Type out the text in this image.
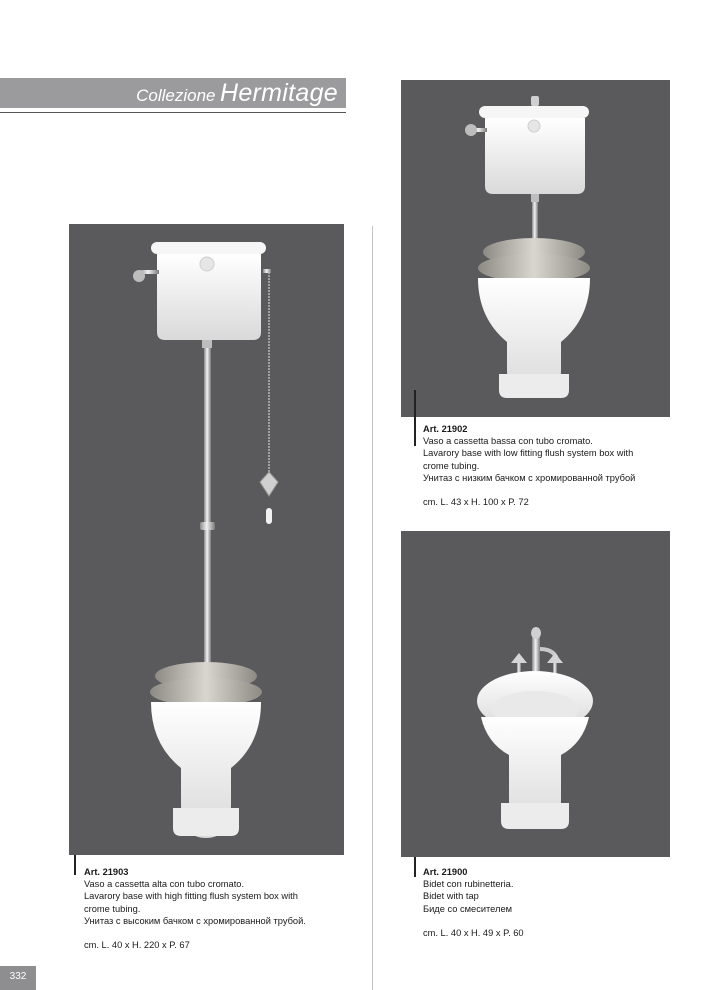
Collezione Hermitage
Art. 21903
Vaso a cassetta alta con tubo cromato.
Lavarory base with high fitting flush system box with
crome tubing.
Унитаз с высоким бачком с хромированной трубой.
cm. L. 40 x H. 220 x P. 67
Art. 21902
Vaso a cassetta bassa con tubo cromato.
Lavarory base with low fitting flush system box with
crome tubing.
Унитаз с низким бачком с хромированной трубой
cm. L. 43 x H. 100 x P. 72
Art. 21900
Bidet con rubinetteria.
Bidet with tap
Биде со смесителем
cm. L. 40 x H. 49 x P. 60
332
